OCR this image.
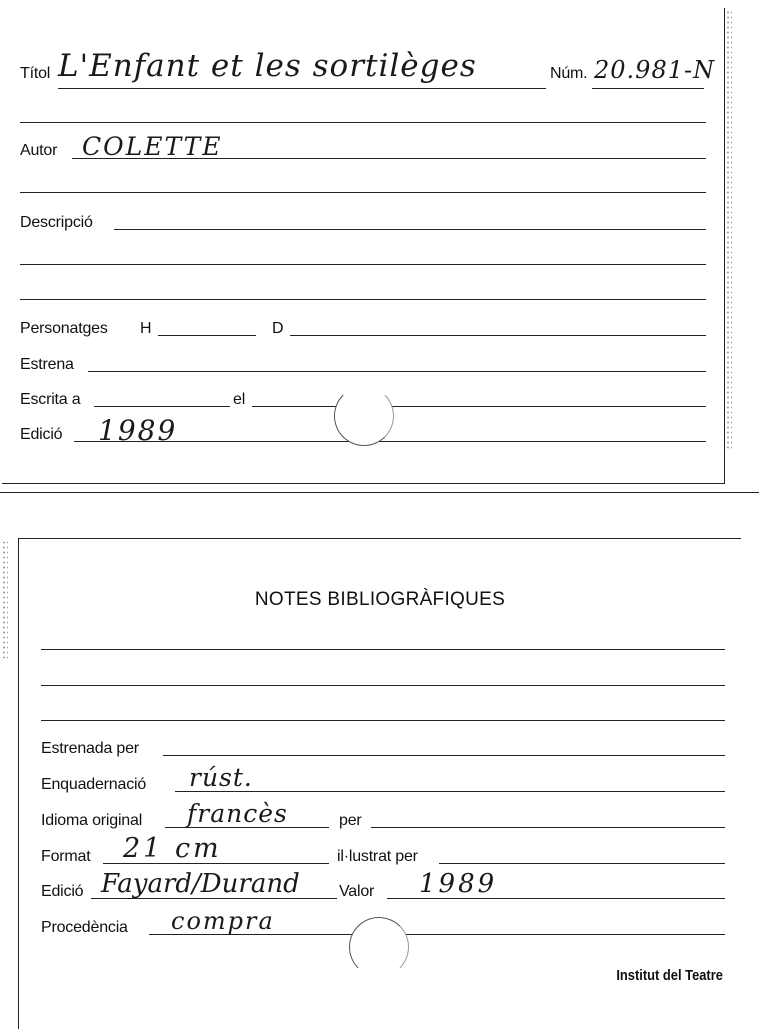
Títol L'Enfant et les sortilèges	Núm. 20.981-N
Autor COLETTE
Descripció
Personatges H	D
Estrena
Escrita a	el
Edició 1989
NOTES BIBLIOGRÀFIQUES
Estrenada per
Enquadernació rúst.
Idioma original francès	per
Format 21 cm	il·lustrat per
Edició Fayard/Durand Valor 1989
Procedència compra
Institut del Teatre
